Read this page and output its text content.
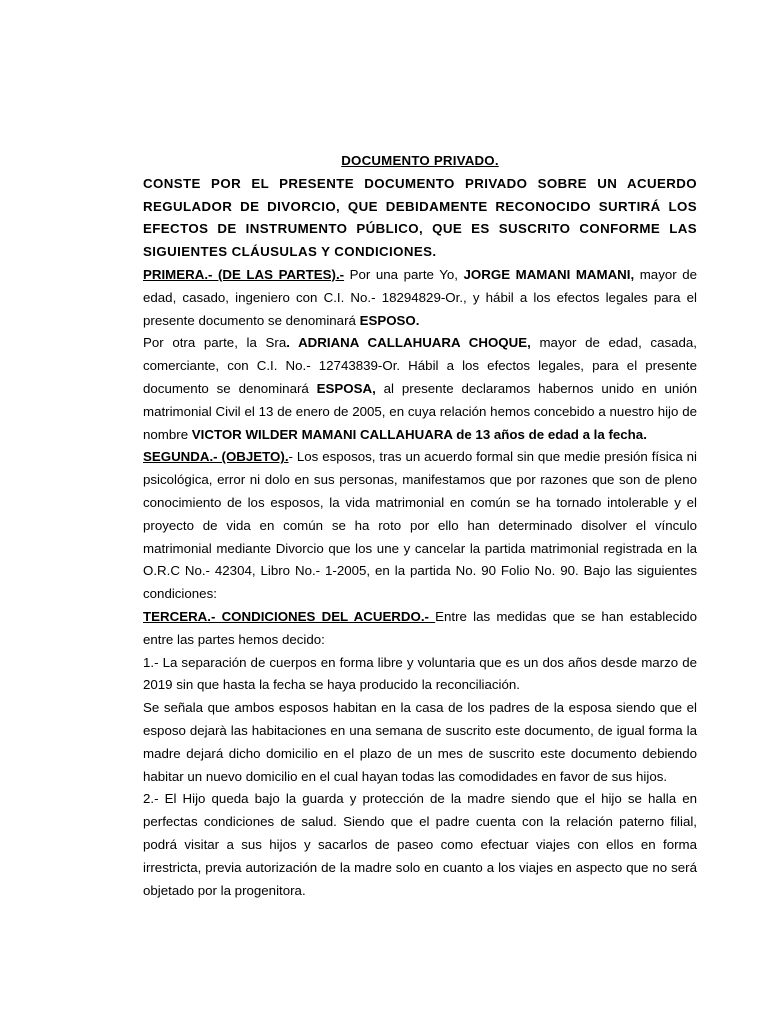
DOCUMENTO PRIVADO.

CONSTE POR EL PRESENTE DOCUMENTO PRIVADO SOBRE UN ACUERDO REGULADOR DE DIVORCIO, QUE DEBIDAMENTE RECONOCIDO SURTIRÁ LOS EFECTOS DE INSTRUMENTO PÚBLICO, QUE ES SUSCRITO CONFORME LAS SIGUIENTES CLÁUSULAS Y CONDICIONES.

PRIMERA.- (DE LAS PARTES).- Por una parte Yo, JORGE MAMANI MAMANI, mayor de edad, casado, ingeniero con C.I. No.- 18294829-Or., y hábil a los efectos legales para el presente documento se denominará ESPOSO.

Por otra parte, la Sra. ADRIANA CALLAHUARA CHOQUE, mayor de edad, casada, comerciante, con C.I. No.- 12743839-Or. Hábil a los efectos legales, para el presente documento se denominará ESPOSA, al presente declaramos habernos unido en unión matrimonial Civil el 13 de enero de 2005, en cuya relación hemos concebido a nuestro hijo de nombre VICTOR WILDER MAMANI CALLAHUARA de 13 años de edad a la fecha.

SEGUNDA.- (OBJETO).- Los esposos, tras un acuerdo formal sin que medie presión física ni psicológica, error ni dolo en sus personas, manifestamos que por razones que son de pleno conocimiento de los esposos, la vida matrimonial en común se ha tornado intolerable y el proyecto de vida en común se ha roto por ello han determinado disolver el vínculo matrimonial mediante Divorcio que los une y cancelar la partida matrimonial registrada en la O.R.C No.- 42304, Libro No.- 1-2005, en la partida No. 90 Folio No. 90. Bajo las siguientes condiciones:

TERCERA.- CONDICIONES DEL ACUERDO.- Entre las medidas que se han establecido entre las partes hemos decido:

1.- La separación de cuerpos en forma libre y voluntaria que es un dos años desde marzo de 2019 sin que hasta la fecha se haya producido la reconciliación.

Se señala que ambos esposos habitan en la casa de los padres de la esposa siendo que el esposo dejarà las habitaciones en una semana de suscrito este documento, de igual forma la madre dejará dicho domicilio en el plazo de un mes de suscrito este documento debiendo habitar un nuevo domicilio en el cual hayan todas las comodidades en favor de sus hijos.

2.- El Hijo queda bajo la guarda y protección de la madre siendo que el hijo se halla en perfectas condiciones de salud. Siendo que el padre cuenta con la relación paterno filial, podrá visitar a sus hijos y sacarlos de paseo como efectuar viajes con ellos en forma irrestricta, previa autorización de la madre solo en cuanto a los viajes en aspecto que no será objetado por la progenitora.
